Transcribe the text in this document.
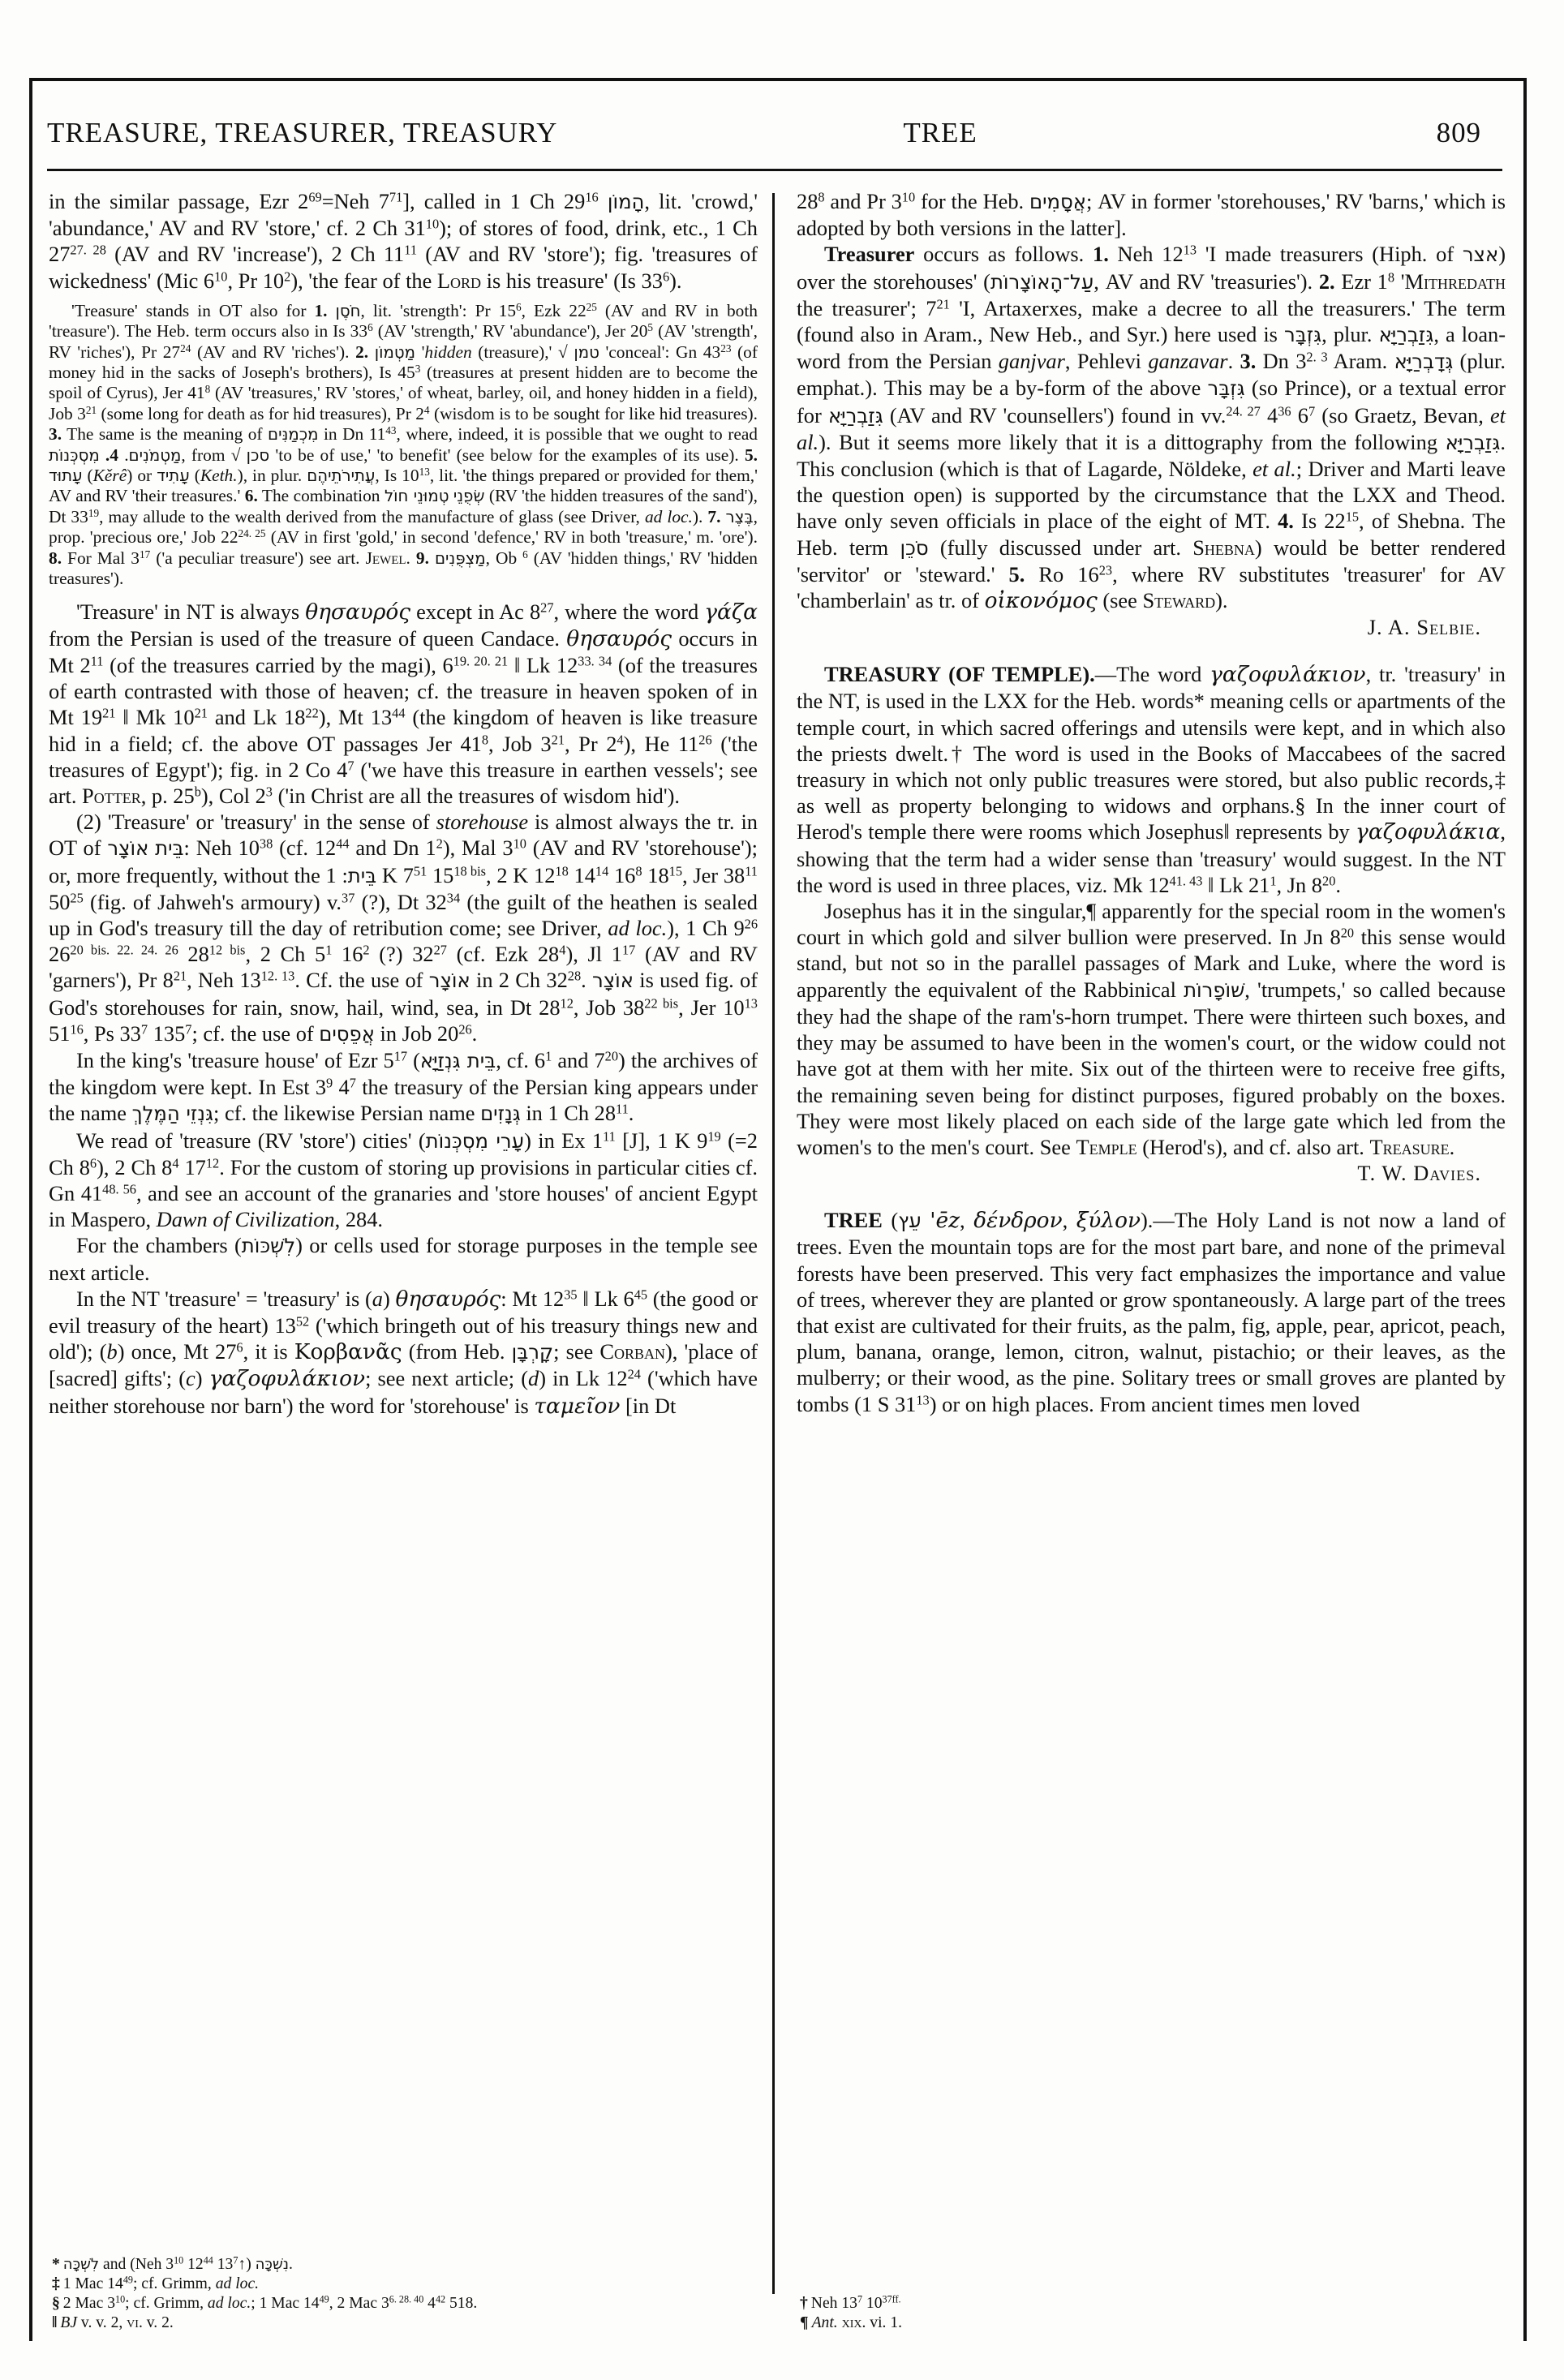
TREASURE, TREASURER, TREASURY	TREE	809

in the similar passage, Ezr $2^{69}=Neh$ $7^{71}$], called in 1 Ch $29^{16}$ הָמוֹן, lit. 'crowd,' 'abundance,' AV and RV 'store,' cf. 2 Ch $31^{10}$); of stores of food, drink, etc., 1 Ch $27^{27. 28}$ (AV and RV 'increase'), 2 Ch $11^{11}$ (AV and RV 'store'); fig. 'treasures of wickedness' (Mic $6^{10}$, Pr $10^2$), 'the fear of the Lord is his treasure' (Is $33^6$).

'Treasure' stands in OT also for 1. חֹסֶן, lit. 'strength': Pr $15^6$, Ezk $22^{25}$ (AV and RV in both 'treasure'). The Heb. term occurs also in Is $33^6$ (AV 'strength,' RV 'abundance'), Jer $20^5$ (AV 'strength', RV 'riches'), Pr $27^{24}$ (AV and RV 'riches'). 2. מַטְמוֹן 'hidden (treasure),' √ טמן 'conceal': Gn $43^{23}$ (of money hid in the sacks of Joseph's brothers), Is $45^3$ (treasures at present hidden are to become the spoil of Cyrus), Jer $41^8$ (AV 'treasures,' RV 'stores,' of wheat, barley, oil, and honey hidden in a field), Job $3^{21}$ (some long for death as for hid treasures), Pr $2^4$ (wisdom is to be sought for like hid treasures). 3. The same is the meaning of מִכְמַנִּים in Dn $11^{43}$, where, indeed, it is possible that we ought to read מַטְמֹנִים. 4. מִסְכְּנוֹת	, from √ סכן 'to be of use,' 'to benefit' (see below for the examples of its use). 5. עָתוּד (Kěrê) or עָתִיד (Keth.), in plur. עֲתִירֹתֵיהֶם, Is $10^{13}$, lit. 'the things prepared or provided for them,' AV and RV 'their treasures.' 6. The combination	שְׂפֻנֵי טְמוּנֵי חוֹל (RV 'the hidden treasures of the sand'), Dt $33^{19}$, may allude to the wealth derived from the manufacture of glass (see Driver, ad loc.). 7. בֶּצֶר, prop. 'precious ore,' Job $22^{24. 25}$ (AV in first 'gold,' in second 'defence,' RV in both 'treasure,' m. 'ore'). 8. For Mal $3^{17}$ ('a peculiar treasure') see art. Jewel. 9. מַצְפֻּנִים, Ob $^6$ (AV 'hidden things,' RV 'hidden treasures').

'Treasure' in NT is always θησαυρός except in Ac $8^{27}$, where the word γάζα from the Persian is used of the treasure of queen Candace. θησαυρός occurs in Mt $2^{11}$ (of the treasures carried by the magi), $6^{19. 20. 21}$ ‖ Lk $12^{33. 34}$ (of the treasures of earth contrasted with those of heaven; cf. the treasure in heaven spoken of in Mt $19^{21}$ ‖ Mk $10^{21}$ and Lk $18^{22}$), Mt $13^{44}$ (the kingdom of heaven is like treasure hid in a field; cf. the above OT passages Jer $41^8$, Job $3^{21}$, Pr $2^4$), He $11^{26}$ ('the treasures of Egypt'); fig. in 2 Co $4^7$ ('we have this treasure in earthen vessels'; see art. Potter, p. 25$^b$), Col $2^3$ ('in Christ are all the treasures of wisdom hid').

(2) 'Treasure' or 'treasury' in the sense of storehouse is almost always the tr. in OT of בֵּית אוֹצָר : Neh $10^{38}$ (cf. $12^{44}$ and Dn $1^2$), Mal $3^{10}$ (AV and RV 'storehouse'); or, more frequently, without the בֵּית: 1 K $7^{51}$ $15^{18 bis}$, 2 K $12^{18}$ $14^{14}$ $16^8$ $18^{15}$, Jer $38^{11}$ $50^{25}$ (fig. of Jahweh's armoury) v.$^{37}$ (?), Dt $32^{34}$ (the guilt of the heathen is sealed up in God's treasury till the day of retribution come; see Driver, ad loc.), 1 Ch $9^{26}$ $26^{20 bis. 22. 24. 26}$ $28^{12 bis}$, 2 Ch $5^1$ $16^2$ (?) $32^{27}$ (cf. Ezk $28^4$), Jl $1^{17}$ (AV and RV 'garners'), Pr $8^{21}$, Neh $13^{12. 13}$. Cf. the use of אוֹצָר in 2 Ch $32^{28}$. אוֹצָר is used fig. of God's storehouses for rain, snow, hail, wind, sea, in Dt $28^{12}$, Job $38^{22 bis}$, Jer $10^{13}$ $51^{16}$, Ps $33^7$ $135^7$; cf. the use of אֲפֵסִים in Job $20^{26}$.

In the king's 'treasure house' of Ezr $5^{17}$ (בֵּית גִּנְזַיָּא, cf. $6^1$ and $7^{20}$) the archives of the kingdom were kept. In Est $3^9$ $4^7$ the treasury of the Persian king appears under the name גִּנְזֵי הַמֶּלֶךְ; cf. the likewise Persian name גְּנָזִים in 1 Ch $28^{11}$.

We read of 'treasure (RV 'store') cities' (עָרֵי מִסְכְּנוֹת) in Ex $1^{11}$ [J], 1 K $9^{19}$ (=2 Ch $8^6$), 2 Ch $8^4$ $17^{12}$. For the custom of storing up provisions in particular cities cf. Gn $41^{48. 56}$, and see an account of the granaries and 'store houses' of ancient Egypt in Maspero, Dawn of Civilization, 284.

For the chambers (לִשְׁכּוֹת) or cells used for storage purposes in the temple see next article.

In the NT 'treasure' = 'treasury' is (a) θησαυρός: Mt $12^{35}$ ‖ Lk $6^{45}$ (the good or evil treasury of the heart) $13^{52}$ ('which bringeth out of his treasury things new and old'); (b) once, Mt $27^6$, it is Κορβανᾶς (from Heb. קָרְבָּן; see Corban), 'place of [sacred] gifts'; (c) γαζοφυλάκιον; see next article; (d) in Lk $12^{24}$ ('which have neither storehouse nor barn') the word for 'storehouse' is ταμεῖον [in Dt

$28^8$ and Pr $3^{10}$ for the Heb. אֲסָמִים; AV in former 'storehouses,' RV 'barns,' which is adopted by both versions in the latter].

Treasurer occurs as follows. 1. Neh $12^{13}$ 'I made treasurers (Hiph. of אצר) over the storehouses' (עַל־הָאוֹצָרוֹת, AV and RV 'treasuries'). 2. Ezr $1^8$ 'Mithredath the treasurer'; $7^{21}$ 'I, Artaxerxes, make a decree to all the treasurers.' The term (found also in Aram., New Heb., and Syr.) here used is גִּזְבָּר, plur. גִּזַבְרַיָּא, a loan-word from the Persian ganjvar, Pehlevi ganzavar. 3. Dn $3^{2. 3}$ Aram. גְּדָבְרַיָּא (plur. emphat.). This may be a by-form of the above גִּזְבָּר (so Prince), or a textual error for גִּזַבְרַיָּא (AV and RV 'counsellers') found in vv.$^{24. 27}$ $4^{36}$ $6^7$ (so Graetz, Bevan, et al.). But it seems more likely that it is a dittography from the following גִּזַבְרַיָּא. This conclusion (which is that of Lagarde, Nöldeke, et al.; Driver and Marti leave the question open) is supported by the circumstance that the LXX and Theod. have only seven officials in place of the eight of MT. 4. Is $22^{15}$, of Shebna. The Heb. term סֹכֵן (fully discussed under art. Shebna) would be better rendered 'servitor' or 'steward.' 5. Ro $16^{23}$, where RV substitutes 'treasurer' for AV 'chamberlain' as tr. of οἰκονόμος (see Steward).

J. A. Selbie.

TREASURY (OF TEMPLE).—The word γαζοφυλάκιον, tr. 'treasury' in the NT, is used in the LXX for the Heb. words* meaning cells or apartments of the temple court, in which sacred offerings and utensils were kept, and in which also the priests dwelt.† The word is used in the Books of Maccabees of the sacred treasury in which not only public treasures were stored, but also public records,‡ as well as property belonging to widows and orphans.§ In the inner court of Herod's temple there were rooms which Josephus‖ represents by γαζοφυλάκια, showing that the term had a wider sense than 'treasury' would suggest. In the NT the word is used in three places, viz. Mk $12^{41. 43}$ ‖ Lk $21^1$, Jn $8^{20}$.

Josephus has it in the singular,¶ apparently for the special room in the women's court in which gold and silver bullion were preserved. In Jn $8^{20}$ this sense would stand, but not so in the parallel passages of Mark and Luke, where the word is apparently the equivalent of the Rabbinical שׁוֹפָרוֹת, 'trumpets,' so called because they had the shape of the ram's-horn trumpet. There were thirteen such boxes, and they may be assumed to have been in the women's court, or the widow could not have got at them with her mite. Six out of the thirteen were to receive free gifts, the remaining seven being for distinct purposes, figured probably on the boxes. They were most likely placed on each side of the large gate which led from the women's to the men's court. See Temple (Herod's), and cf. also art. Treasure.

T. W. Davies.

TREE (עֵץ 'ēz, δένδρον, ξύλον).—The Holy Land is not now a land of trees. Even the mountain tops are for the most part bare, and none of the primeval forests have been preserved. This very fact emphasizes the importance and value of trees, wherever they are planted or grow spontaneously. A large part of the trees that exist are cultivated for their fruits, as the palm, fig, apple, pear, apricot, peach, plum, banana, orange, lemon, citron, walnut, pistachio; or their leaves, as the mulberry; or their wood, as the pine. Solitary trees or small groves are planted by tombs (1 S $31^{13}$) or on high places. From ancient times men loved

* לִשְׁכָּה and (Neh $3^{10}$ $12^{44}$ $13^7↑$) נִשְׁכָּה.
‡ 1 Mac $14^{49}$; cf. Grimm, ad loc.
§ 2 Mac $3^{10}$; cf. Grimm, ad loc.; 1 Mac $14^{49}$, 2 Mac $3^{6. 28. 40}$ $4^{42}$ 518.
‖ BJ v. v. 2, vi. v. 2.
† Neh $13^7$ $10^{37ff.}$
¶ Ant. xix. vi. 1.
